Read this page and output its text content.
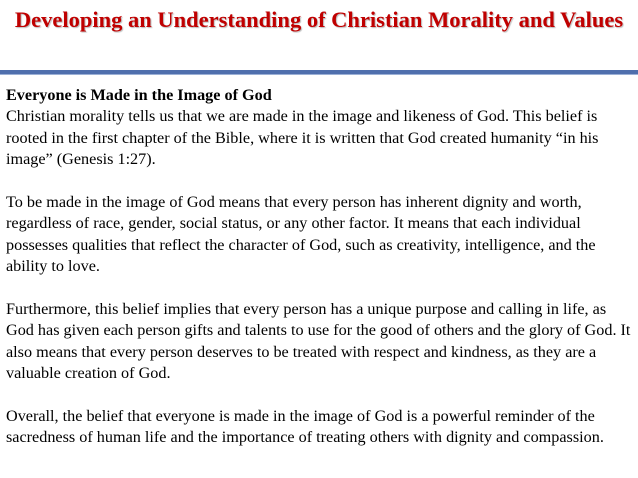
Developing an Understanding of Christian Morality and Values

Everyone is Made in the Image of God
Christian morality tells us that we are made in the image and likeness of God. This belief is rooted in the first chapter of the Bible, where it is written that God created humanity “in his image” (Genesis 1:27).

To be made in the image of God means that every person has inherent dignity and worth, regardless of race, gender, social status, or any other factor. It means that each individual possesses qualities that reflect the character of God, such as creativity, intelligence, and the ability to love.

Furthermore, this belief implies that every person has a unique purpose and calling in life, as God has given each person gifts and talents to use for the good of others and the glory of God. It also means that every person deserves to be treated with respect and kindness, as they are a valuable creation of God.

Overall, the belief that everyone is made in the image of God is a powerful reminder of the sacredness of human life and the importance of treating others with dignity and compassion.
